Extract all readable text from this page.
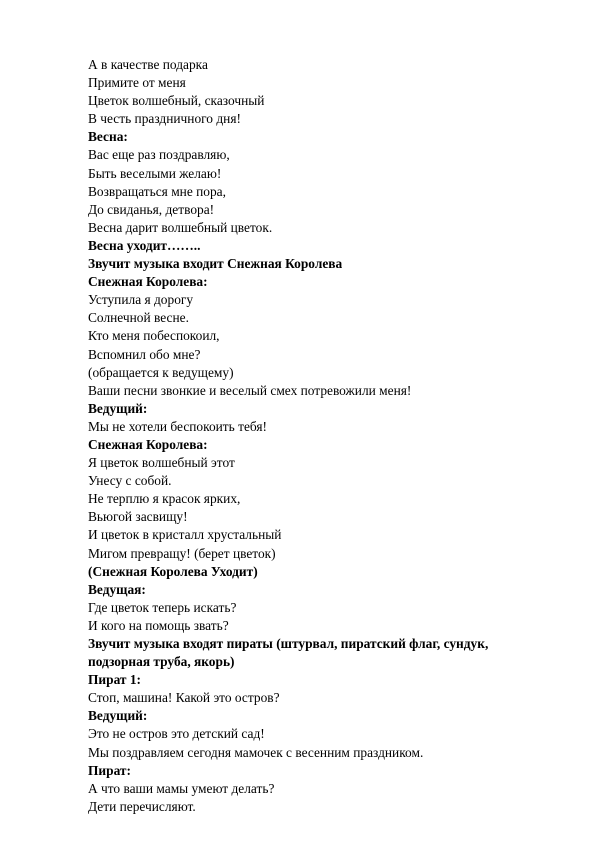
А в качестве подарка
Примите от меня
Цветок волшебный, сказочный
В честь праздничного дня!
Весна:
Вас еще раз поздравляю,
Быть веселыми желаю!
Возвращаться мне пора,
До свиданья, детвора!
Весна дарит волшебный цветок.
Весна уходит……..
Звучит музыка входит Снежная Королева
Снежная Королева:
Уступила я дорогу
Солнечной весне.
Кто меня побеспокоил,
Вспомнил обо мне?
(обращается к ведущему)
Ваши песни звонкие и веселый смех потревожили меня!
Ведущий:
Мы не хотели беспокоить тебя!
Снежная Королева:
Я цветок волшебный этот
Унесу с собой.
Не терплю я красок ярких,
Вьюгой засвищу!
И цветок в кристалл хрустальный
Мигом превращу! (берет цветок)
(Снежная Королева Уходит)
Ведущая:
Где цветок теперь искать?
И кого на помощь звать?
Звучит музыка входят пираты (штурвал, пиратский флаг, сундук,
подзорная труба, якорь)
Пират 1:
Стоп, машина! Какой это остров?
Ведущий:
Это не остров это детский сад!
Мы поздравляем сегодня мамочек с весенним праздником.
Пират:
А что ваши мамы умеют делать?
Дети перечисляют.
